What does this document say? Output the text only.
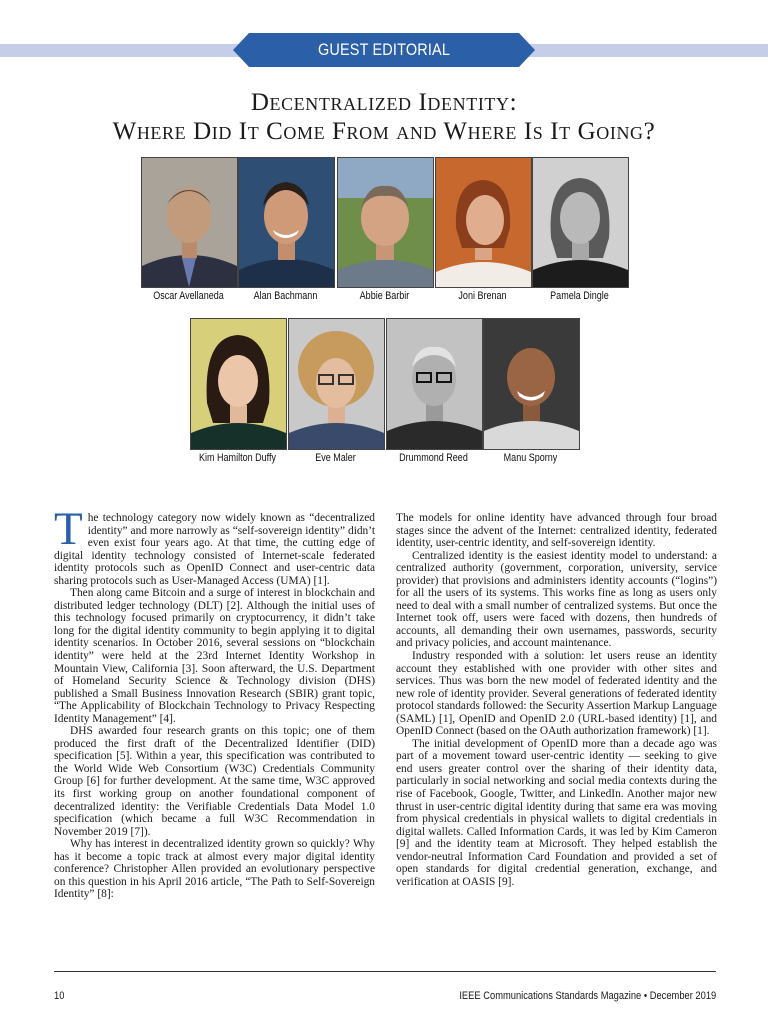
GUEST EDITORIAL
Decentralized Identity:
Where Did It Come From and Where Is It Going?
Oscar Avellaneda	Alan Bachmann	Abbie Barbir	Joni Brenan	Pamela Dingle
Kim Hamilton Duffy	Eve Maler	Drummond Reed	Manu Sporny

The technology category now widely known as “decentralized identity” and more narrowly as “self-sovereign identity” didn’t even exist four years ago. At that time, the cutting edge of digital identity technology consisted of Internet-scale federated identity protocols such as OpenID Connect and user-centric data sharing protocols such as User-Managed Access (UMA) [1].

Then along came Bitcoin and a surge of interest in blockchain and distributed ledger technology (DLT) [2]. Although the initial uses of this technology focused primarily on cryptocurrency, it didn’t take long for the digital identity community to begin applying it to digital identity scenarios. In October 2016, several sessions on “blockchain identity” were held at the 23rd Internet Identity Workshop in Mountain View, California [3]. Soon afterward, the U.S. Department of Homeland Security Science & Technology division (DHS) published a Small Business Innovation Research (SBIR) grant topic, “The Applicability of Blockchain Technology to Privacy Respecting Identity Management” [4].

DHS awarded four research grants on this topic; one of them produced the first draft of the Decentralized Identifier (DID) specification [5]. Within a year, this specification was contributed to the World Wide Web Consortium (W3C) Credentials Community Group [6] for further development. At the same time, W3C approved its first working group on another foundational component of decentralized identity: the Verifiable Credentials Data Model 1.0 specification (which became a full W3C Recommendation in November 2019 [7]).

Why has interest in decentralized identity grown so quickly? Why has it become a topic track at almost every major digital identity conference? Christopher Allen provided an evolutionary perspective on this question in his April 2016 article, “The Path to Self-Sovereign Identity” [8]:

The models for online identity have advanced through four broad stages since the advent of the Internet: centralized identity, federated identity, user-centric identity, and self-sovereign identity.

Centralized identity is the easiest identity model to understand: a centralized authority (government, corporation, university, service provider) that provisions and administers identity accounts (“logins”) for all the users of its systems. This works fine as long as users only need to deal with a small number of centralized systems. But once the Internet took off, users were faced with dozens, then hundreds of accounts, all demanding their own usernames, passwords, security and privacy policies, and account maintenance.

Industry responded with a solution: let users reuse an identity account they established with one provider with other sites and services. Thus was born the new model of federated identity and the new role of identity provider. Several generations of federated identity protocol standards followed: the Security Assertion Markup Language (SAML) [1], OpenID and OpenID 2.0 (URL-based identity) [1], and OpenID Connect (based on the OAuth authorization framework) [1].

The initial development of OpenID more than a decade ago was part of a movement toward user-centric identity — seeking to give end users greater control over the sharing of their identity data, particularly in social networking and social media contexts during the rise of Facebook, Google, Twitter, and LinkedIn. Another major new thrust in user-centric digital identity during that same era was moving from physical credentials in physical wallets to digital credentials in digital wallets. Called Information Cards, it was led by Kim Cameron [9] and the identity team at Microsoft. They helped establish the vendor-neutral Information Card Foundation and provided a set of open standards for digital credential generation, exchange, and verification at OASIS [9].

10	IEEE Communications Standards Magazine • December 2019
